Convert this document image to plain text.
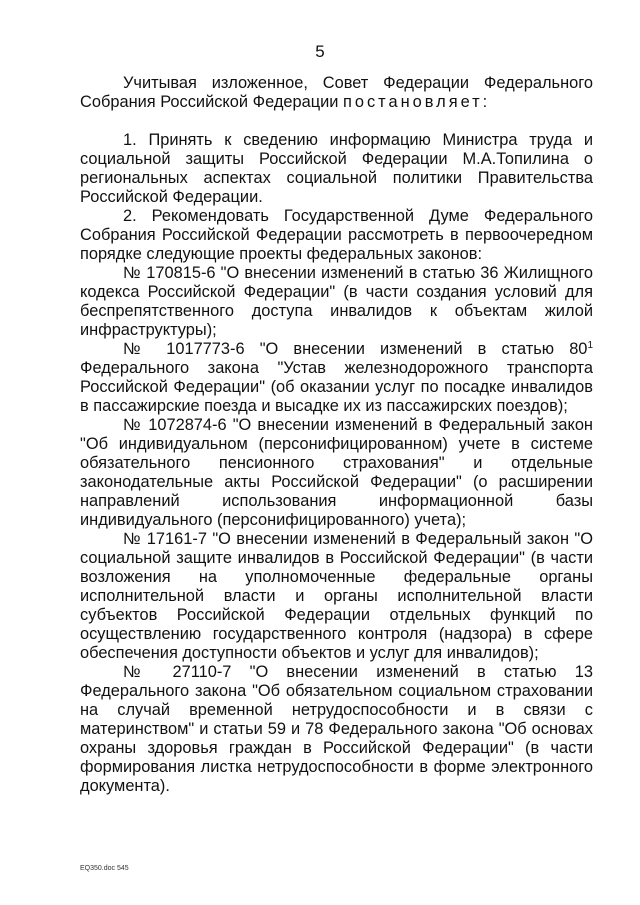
5

Учитывая изложенное, Совет Федерации Федерального Собрания Российской Федерации постановляет:

1. Принять к сведению информацию Министра труда и социальной защиты Российской Федерации М.А.Топилина о региональных аспектах социальной политики Правительства Российской Федерации.

2. Рекомендовать Государственной Думе Федерального Собрания Российской Федерации рассмотреть в первоочередном порядке следующие проекты федеральных законов:

№ 170815-6 "О внесении изменений в статью 36 Жилищного кодекса Российской Федерации" (в части создания условий для беспрепятственного доступа инвалидов к объектам жилой инфраструктуры);

№ 1017773-6 "О внесении изменений в статью $80^1$ Федерального закона "Устав железнодорожного транспорта Российской Федерации" (об оказании услуг по посадке инвалидов в пассажирские поезда и высадке их из пассажирских поездов);

№ 1072874-6 "О внесении изменений в Федеральный закон "Об индивидуальном (персонифицированном) учете в системе обязательного пенсионного страхования" и отдельные законодательные акты Российской Федерации" (о расширении направлений использования информационной базы индивидуального (персонифицированного) учета);

№ 17161-7 "О внесении изменений в Федеральный закон "О социальной защите инвалидов в Российской Федерации" (в части возложения на уполномоченные федеральные органы исполнительной власти и органы исполнительной власти субъектов Российской Федерации отдельных функций по осуществлению государственного контроля (надзора) в сфере обеспечения доступности объектов и услуг для инвалидов);

№ 27110-7 "О внесении изменений в статью 13 Федерального закона "Об обязательном социальном страховании на случай временной нетрудоспособности и в связи с материнством" и статьи 59 и 78 Федерального закона "Об основах охраны здоровья граждан в Российской Федерации" (в части формирования листка нетрудоспособности в форме электронного документа).

EQ350.doc 545
